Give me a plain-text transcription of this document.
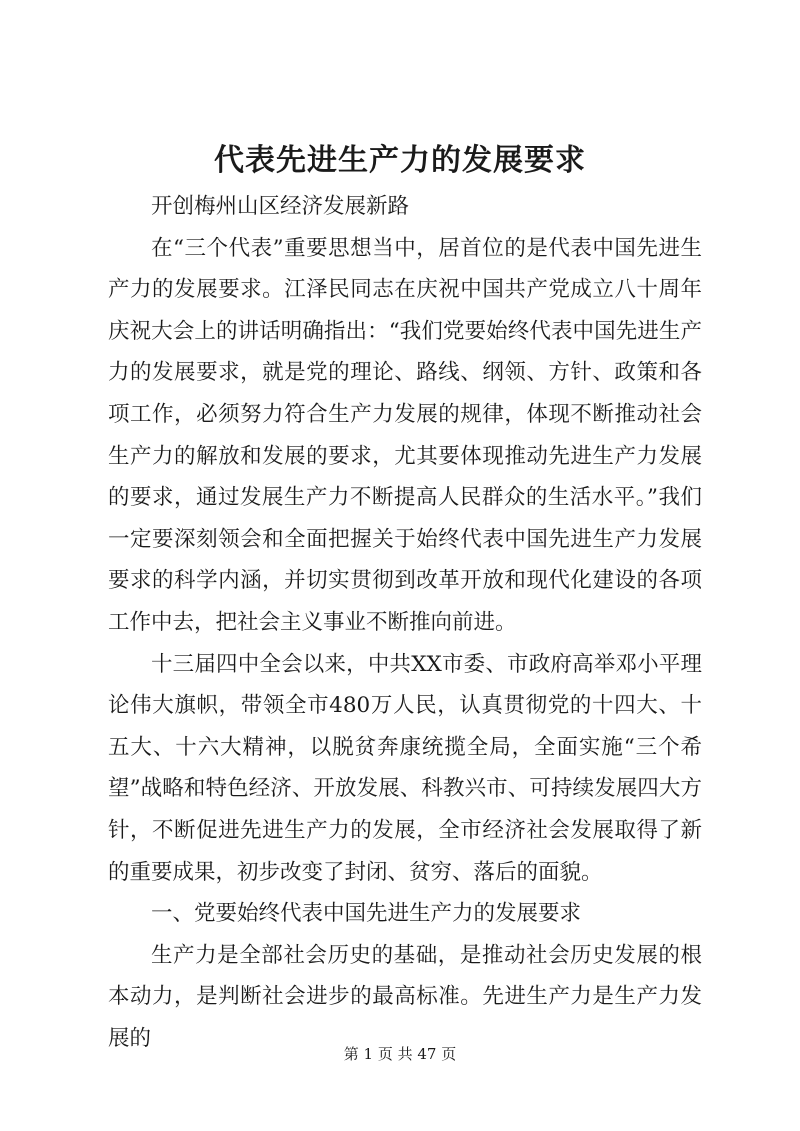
代表先进生产力的发展要求

开创梅州山区经济发展新路

在“三个代表”重要思想当中，居首位的是代表中国先进生产力的发展要求。江泽民同志在庆祝中国共产党成立八十周年庆祝大会上的讲话明确指出：“我们党要始终代表中国先进生产力的发展要求，就是党的理论、路线、纲领、方针、政策和各项工作，必须努力符合生产力发展的规律，体现不断推动社会生产力的解放和发展的要求，尤其要体现推动先进生产力发展的要求，通过发展生产力不断提高人民群众的生活水平。”我们一定要深刻领会和全面把握关于始终代表中国先进生产力发展要求的科学内涵，并切实贯彻到改革开放和现代化建设的各项工作中去，把社会主义事业不断推向前进。

十三届四中全会以来，中共XX市委、市政府高举邓小平理论伟大旗帜，带领全市480万人民，认真贯彻党的十四大、十五大、十六大精神，以脱贫奔康统揽全局，全面实施“三个希望”战略和特色经济、开放发展、科教兴市、可持续发展四大方针，不断促进先进生产力的发展，全市经济社会发展取得了新的重要成果，初步改变了封闭、贫穷、落后的面貌。

一、党要始终代表中国先进生产力的发展要求

生产力是全部社会历史的基础，是推动社会历史发展的根本动力，是判断社会进步的最高标准。先进生产力是生产力发展的

第 1 页 共 47 页
